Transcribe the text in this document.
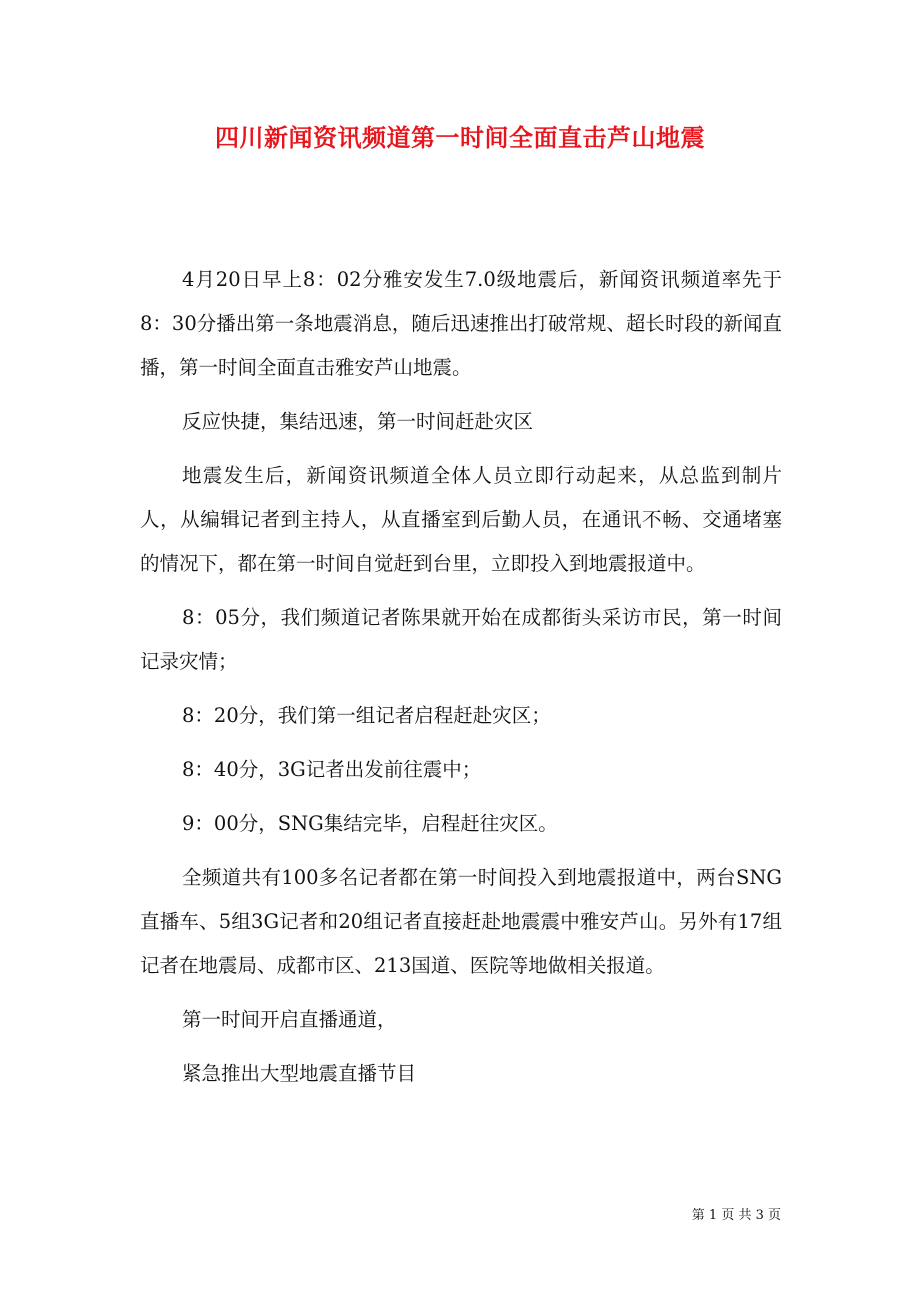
四川新闻资讯频道第一时间全面直击芦山地震

4月20日早上8：02分雅安发生7.0级地震后，新闻资讯频道率先于8：30分播出第一条地震消息，随后迅速推出打破常规、超长时段的新闻直播，第一时间全面直击雅安芦山地震。

反应快捷，集结迅速，第一时间赶赴灾区

地震发生后，新闻资讯频道全体人员立即行动起来，从总监到制片人，从编辑记者到主持人，从直播室到后勤人员，在通讯不畅、交通堵塞的情况下，都在第一时间自觉赶到台里，立即投入到地震报道中。

8：05分，我们频道记者陈果就开始在成都街头采访市民，第一时间记录灾情；

8：20分，我们第一组记者启程赶赴灾区；

8：40分，3G记者出发前往震中；

9：00分，SNG集结完毕，启程赶往灾区。

全频道共有100多名记者都在第一时间投入到地震报道中，两台SNG直播车、5组3G记者和20组记者直接赶赴地震震中雅安芦山。另外有17组记者在地震局、成都市区、213国道、医院等地做相关报道。

第一时间开启直播通道，

紧急推出大型地震直播节目

第 1 页 共 3 页
